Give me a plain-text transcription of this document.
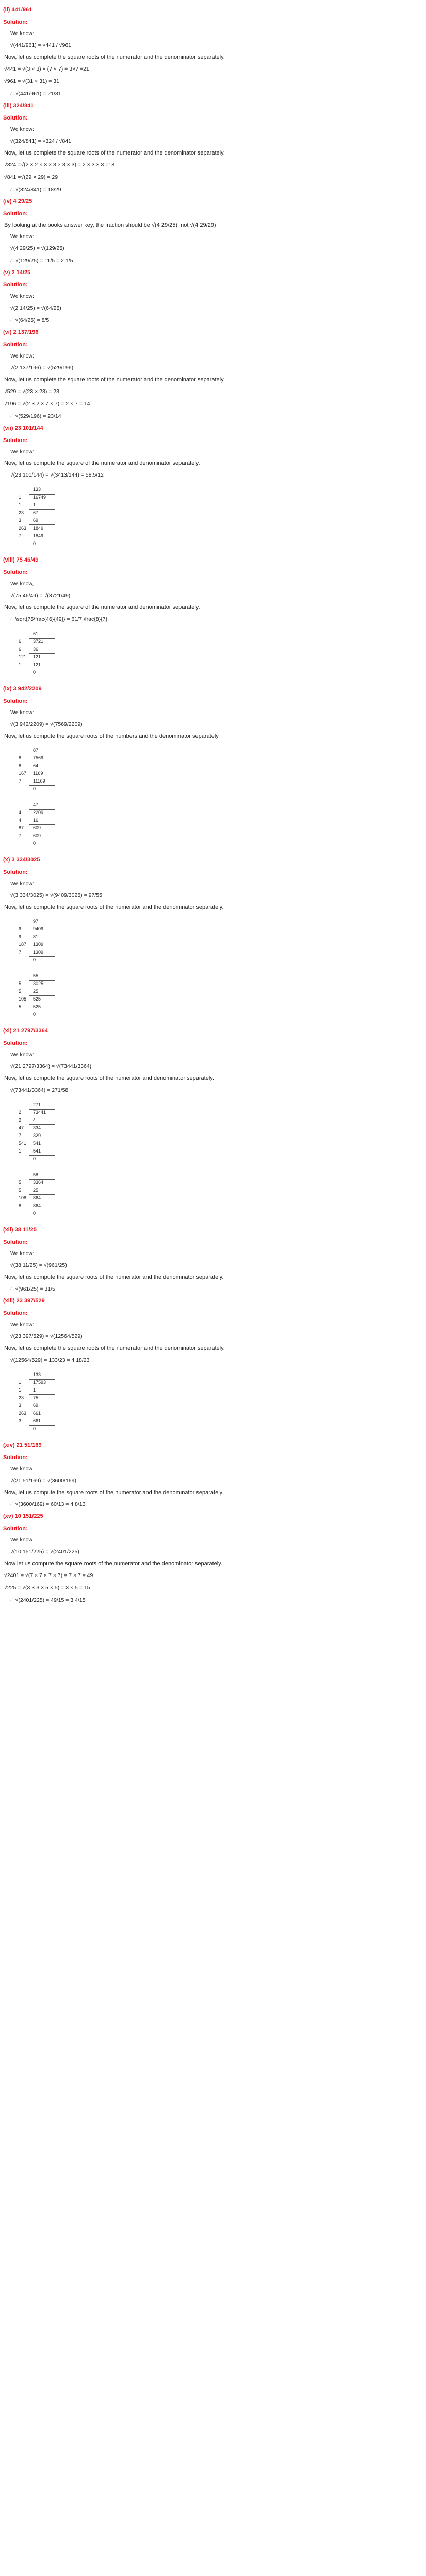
(ii) 441/961
Solution:
We know:
√(441/961) = √441 / √961
Now, let us complete the square roots of the numerator and the denominator separately.
√441 = √(3 × 3) × (7 × 7) = 3×7 =21
√961 = √(31 × 31) = 31
∴ √(441/961) = 21/31
(iii) 324/841
Solution:
We know:
√(324/841) = √324 / √841
Now, let us complete the square roots of the numerator and the denominator separately.
√324 =√(2 × 2 × 3 × 3 × 3 × 3) = 2 × 3 × 3 =18
√841 =√(29 × 29) = 29
∴ √(324/841) = 18/29
(iv) 4 29/25
Solution:
By looking at the books answer key, the fraction should be √(4 29/25), not √(4 29/29)
We know:
√(4 29/25) = √(129/25)
∴ √(129/25) = 11/5 = 2 1/5
(v) 2 14/25
Solution:
We know:
√(2 14/25) = √(64/25)
∴ √(64/25) = 8/5
(vi) 2 137/196
Solution:
We know:
√(2 137/196) = √(529/196)
Now, let us complete the square roots of the numerator and the denominator separately.
√529 = √(23 × 23) = 23
√196 = √(2 × 2 × 7 × 7) = 2 × 7 = 14
∴ √(529/196) = 23/14
(vii) 23 101/144
Solution:
We know:
Now, let us compute the square of the numerator and denominator separately.
√(23 101/144) = √(3413/144) = 58.5/12
133
16749
1
1
23
3
263
7
1
67
69
1849
1849
0
(viii) 75 46/49
Solution:
We know,
√(75 46/49) = √(3721/49)
Now, let us compute the square of the numerator and denominator separately.
∴ \sqrt{75\frac{46}{49}} = 61/7 \frac{8}{7}
61
3721
6
6
121
1
36
121
121
0
(ix) 3 942/2209
Solution:
We know:
√(3 942/2209) = √(7569/2209)
Now, let us compute the square roots of the numbers and the denominator separately.
87
7569
8
8
167
7
64
1169
11169
0
47
2209
4
4
87
7
16
609
609
0
(x) 3 334/3025
Solution:
We know:
√(3 334/3025) = √(9409/3025) = 97/55
Now, let us compute the square roots of the numerator and the denominator separately.
97
9409
9
9
187
7
81
1309
1309
0
55
3025
5
5
105
5
25
525
525
0
(xi) 21 2797/3364
Solution:
We know:
√(21 2797/3364) = √(73441/3364)
Now, let us compute the square roots of the numerator and denominator separately.
√(73441/3364) = 271/58
271
73441
2
2
47
7
541
1
4
334
329
541
541
0
58
3364
5
5
108
8
25
864
864
0
(xii) 38 11/25
Solution:
We know:
√(38 11/25) = √(961/25)
Now, let us compute the square roots of the numerator and the denominator separately.
∴ √(961/25) = 31/5
(xiii) 23 397/529
Solution:
We know:
√(23 397/529) = √(12564/529)
Now, let us complete the square roots of the numerator and the denominator separately.
√(12564/529) = 133/23 = 4 18/23
133
17593
1
1
23
3
263
3
1
75
69
661
661
0
(xiv) 21 51/169
Solution:
We know
√(21 51/169) = √(3600/169)
Now, let us compute the square roots of the numerator and the denominator separately.
∴ √(3600/169) = 60/13 = 4 8/13
(xv) 10 151/225
Solution:
We know
√(10 151/225) = √(2401/225)
Now let us compute the square roots of the numerator and the denominator separately.
√2401 = √(7 × 7 × 7 × 7) = 7 × 7 = 49
√225 = √(3 × 3 × 5 × 5) = 3 × 5 = 15
∴ √(2401/225) = 49/15 = 3 4/15
